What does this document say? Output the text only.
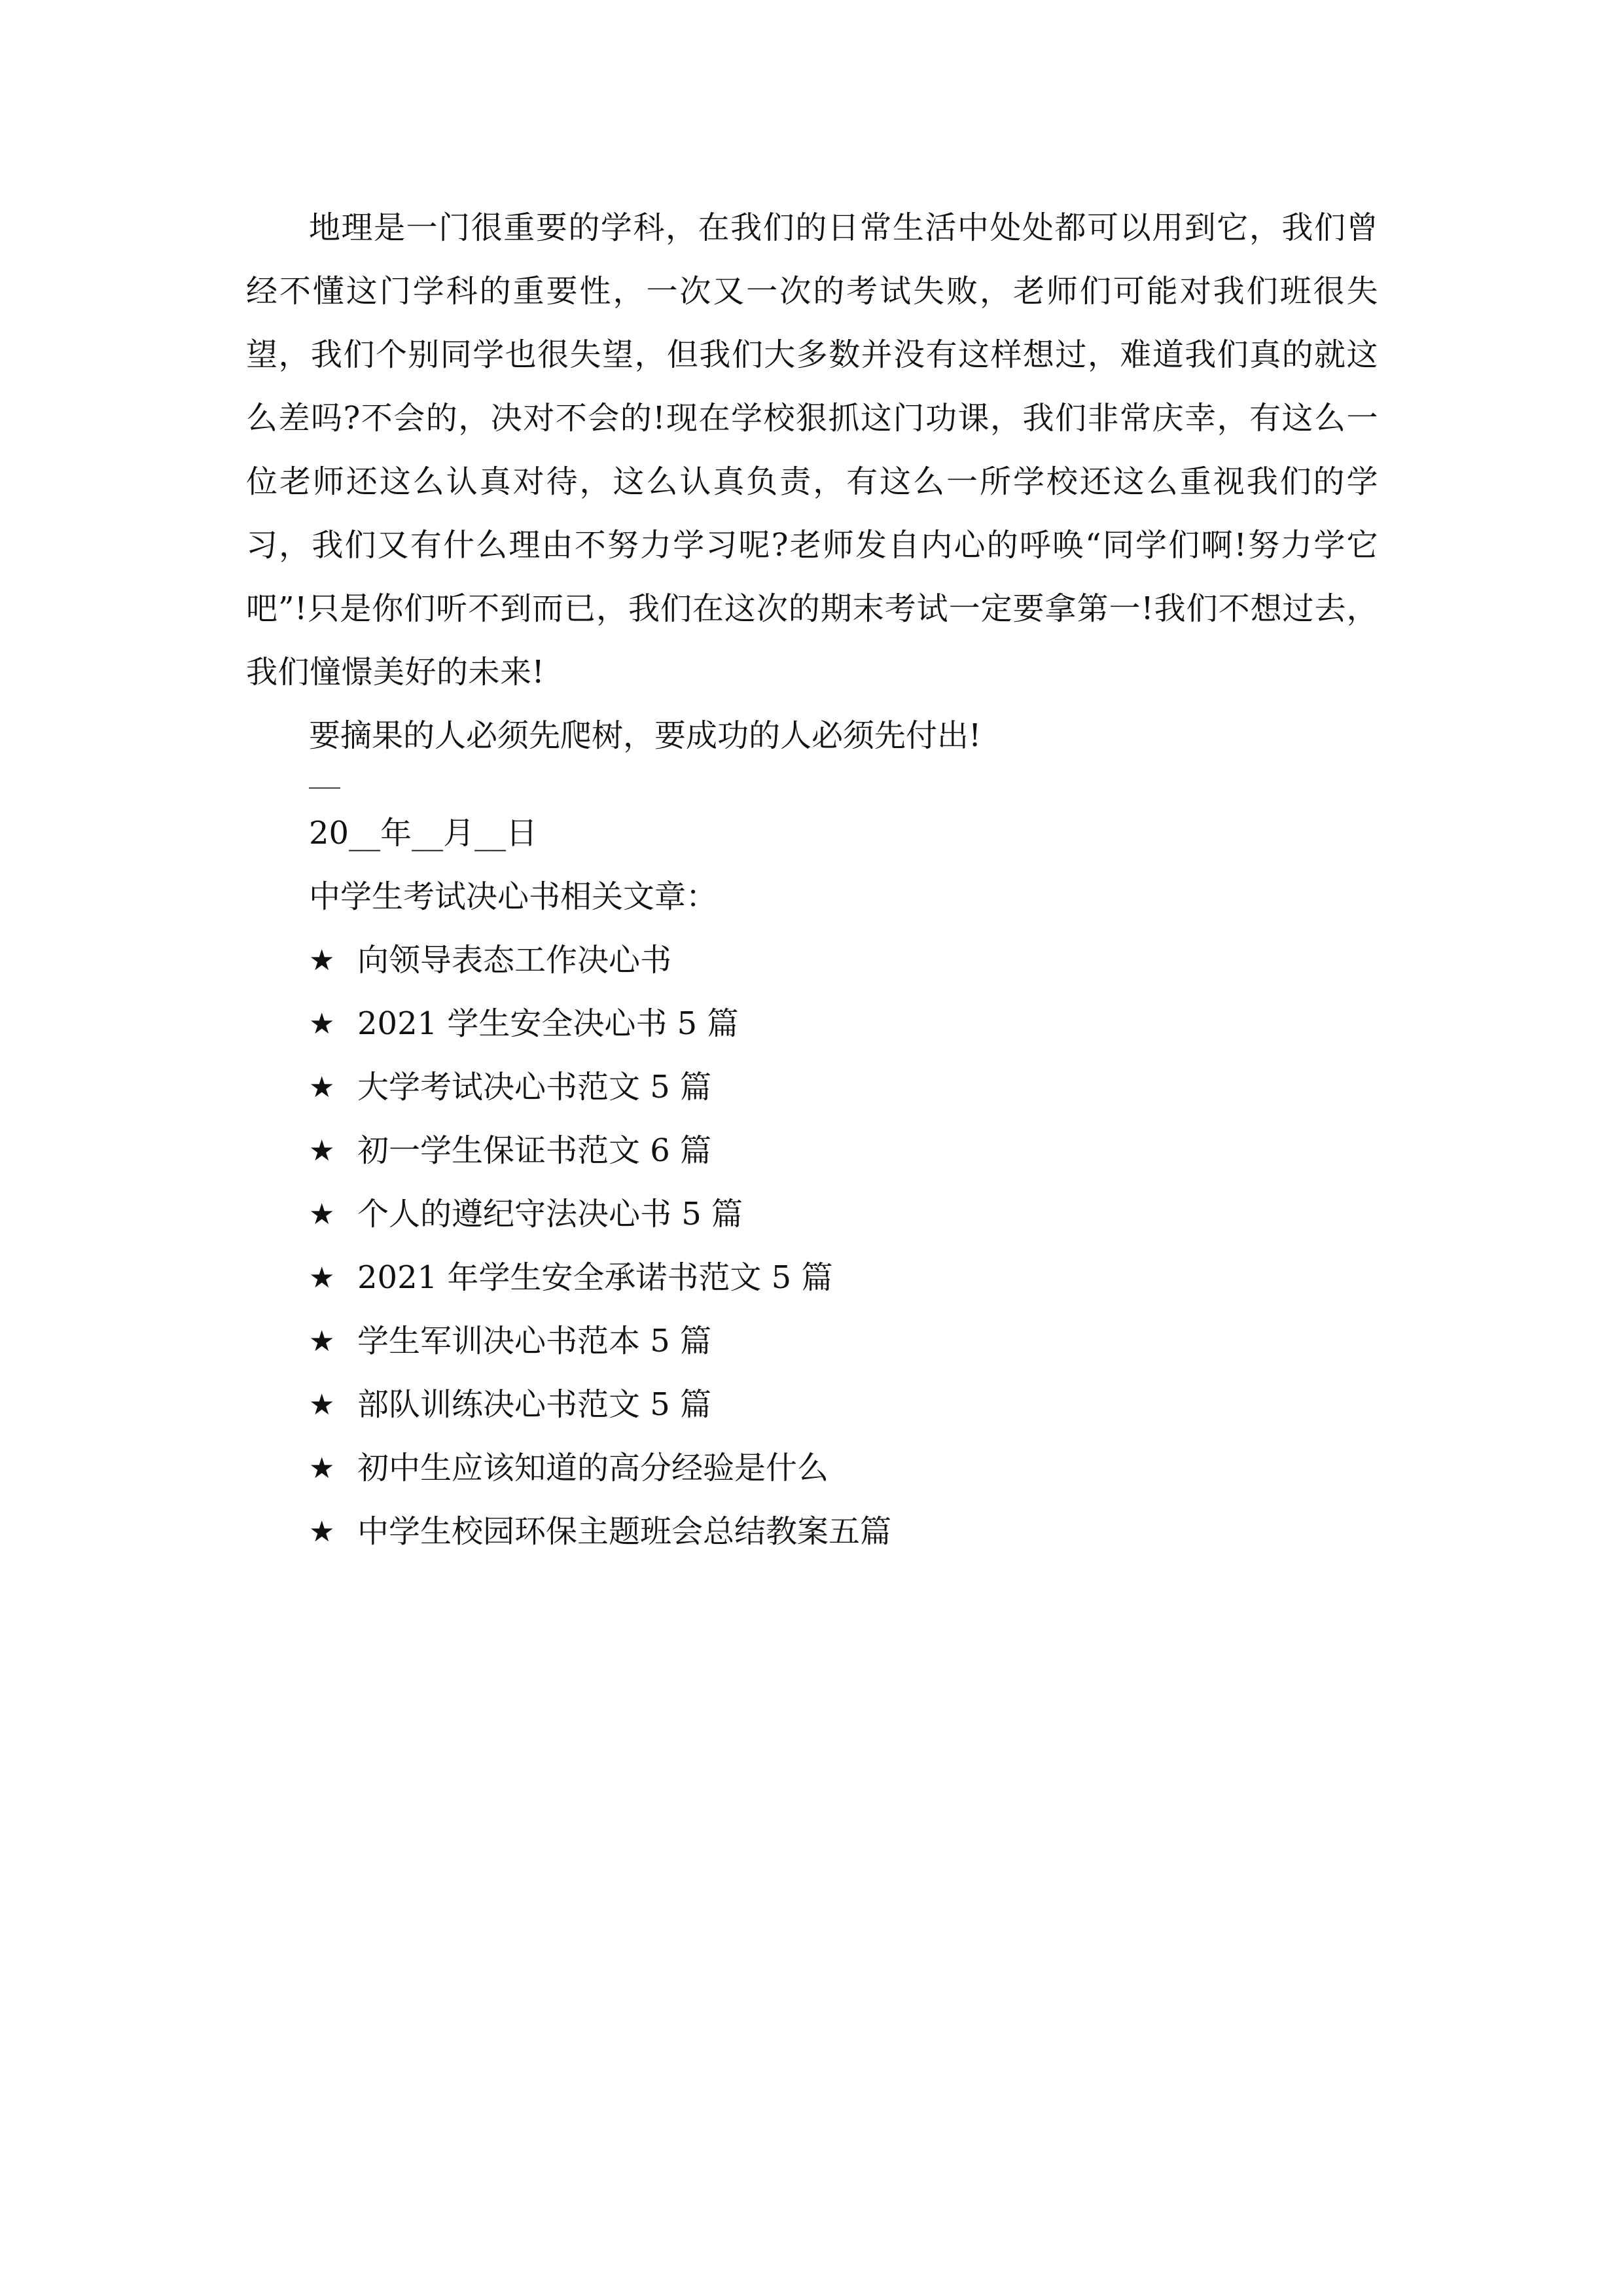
地理是一门很重要的学科，在我们的日常生活中处处都可以用到它，我们曾经不懂这门学科的重要性，一次又一次的考试失败，老师们可能对我们班很失望，我们个别同学也很失望，但我们大多数并没有这样想过，难道我们真的就这么差吗?不会的，决对不会的!现在学校狠抓这门功课，我们非常庆幸，有这么一位老师还这么认真对待，这么认真负责，有这么一所学校还这么重视我们的学习，我们又有什么理由不努力学习呢?老师发自内心的呼唤“同学们啊!努力学它吧”!只是你们听不到而已，我们在这次的期末考试一定要拿第一!我们不想过去，我们憧憬美好的未来!

要摘果的人必须先爬树，要成功的人必须先付出!

20__年__月__日

中学生考试决心书相关文章：

★ 向领导表态工作决心书
★ 2021 学生安全决心书 5 篇
★ 大学考试决心书范文 5 篇
★ 初一学生保证书范文 6 篇
★ 个人的遵纪守法决心书 5 篇
★ 2021 年学生安全承诺书范文 5 篇
★ 学生军训决心书范本 5 篇
★ 部队训练决心书范文 5 篇
★ 初中生应该知道的高分经验是什么
★ 中学生校园环保主题班会总结教案五篇
